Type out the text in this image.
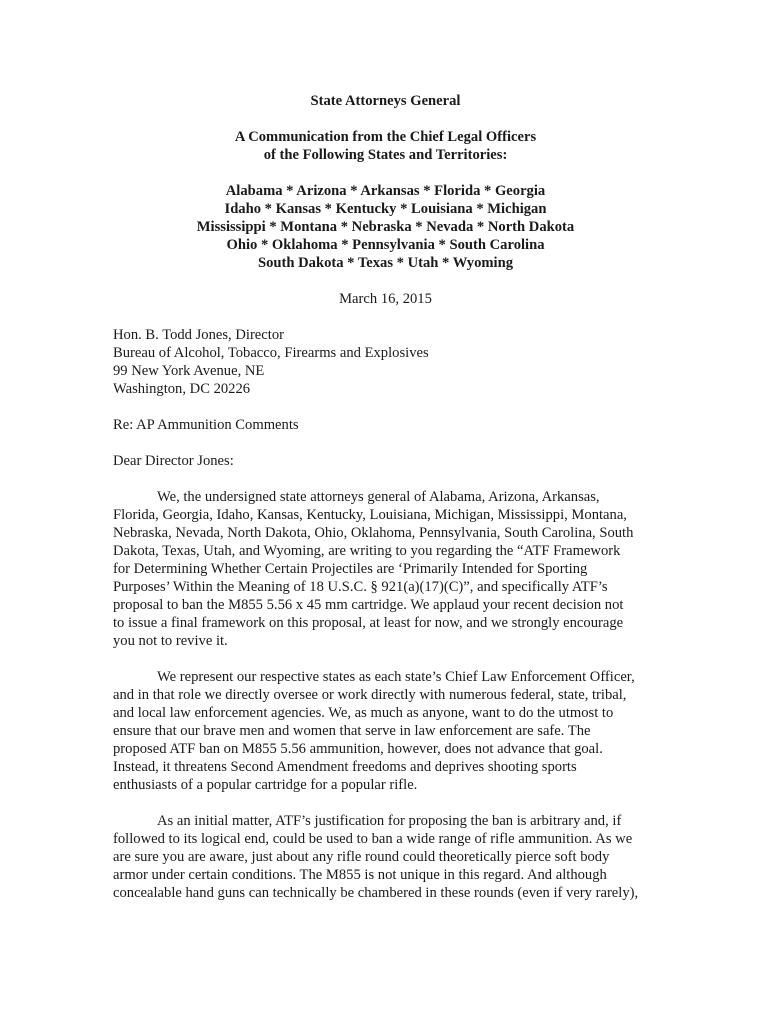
State Attorneys General
A Communication from the Chief Legal Officers
of the Following States and Territories:
Alabama * Arizona * Arkansas * Florida * Georgia
Idaho * Kansas * Kentucky * Louisiana * Michigan
Mississippi * Montana * Nebraska * Nevada * North Dakota
Ohio * Oklahoma * Pennsylvania * South Carolina
South Dakota * Texas * Utah * Wyoming
March 16, 2015
Hon. B. Todd Jones, Director
Bureau of Alcohol, Tobacco, Firearms and Explosives
99 New York Avenue, NE
Washington, DC 20226
Re: AP Ammunition Comments
Dear Director Jones:

We, the undersigned state attorneys general of Alabama, Arizona, Arkansas,
Florida, Georgia, Idaho, Kansas, Kentucky, Louisiana, Michigan, Mississippi, Montana,
Nebraska, Nevada, North Dakota, Ohio, Oklahoma, Pennsylvania, South Carolina, South
Dakota, Texas, Utah, and Wyoming, are writing to you regarding the “ATF Framework
for Determining Whether Certain Projectiles are ‘Primarily Intended for Sporting
Purposes’ Within the Meaning of 18 U.S.C. § 921(a)(17)(C)”, and specifically ATF’s
proposal to ban the M855 5.56 x 45 mm cartridge. We applaud your recent decision not
to issue a final framework on this proposal, at least for now, and we strongly encourage
you not to revive it.

We represent our respective states as each state’s Chief Law Enforcement Officer,
and in that role we directly oversee or work directly with numerous federal, state, tribal,
and local law enforcement agencies. We, as much as anyone, want to do the utmost to
ensure that our brave men and women that serve in law enforcement are safe. The
proposed ATF ban on M855 5.56 ammunition, however, does not advance that goal.
Instead, it threatens Second Amendment freedoms and deprives shooting sports
enthusiasts of a popular cartridge for a popular rifle.

As an initial matter, ATF’s justification for proposing the ban is arbitrary and, if
followed to its logical end, could be used to ban a wide range of rifle ammunition. As we
are sure you are aware, just about any rifle round could theoretically pierce soft body
armor under certain conditions. The M855 is not unique in this regard. And although
concealable hand guns can technically be chambered in these rounds (even if very rarely),
